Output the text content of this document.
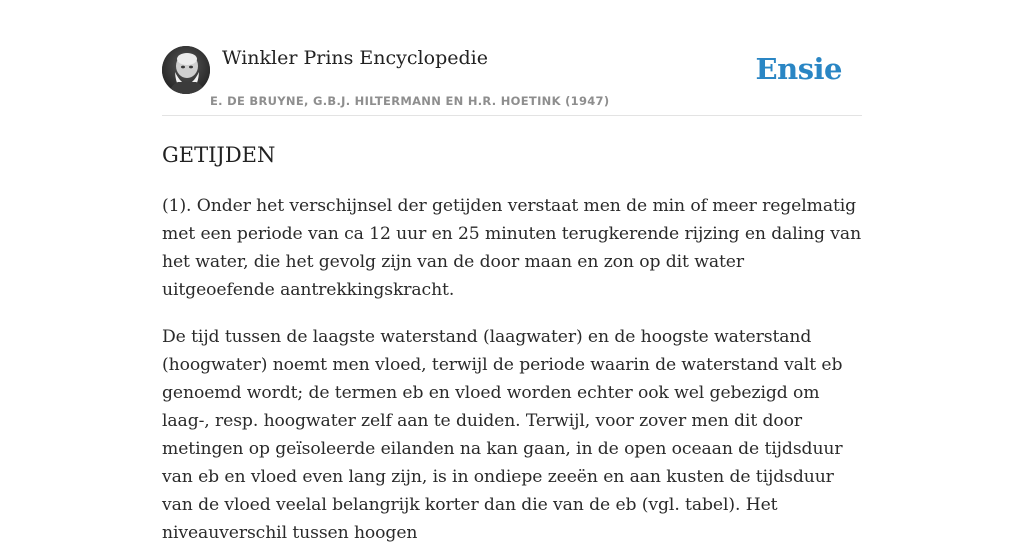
Winkler Prins Encyclopedie
E. DE BRUYNE, G.B.J. HILTERMANN EN H.R. HOETINK (1947)
Ensie
GETIJDEN

(1). Onder het verschijnsel der getijden verstaat men de min of meer regelmatig met een periode van ca 12 uur en 25 minuten terugkerende rijzing en daling van het water, die het gevolg zijn van de door maan en zon op dit water uitgeoefende aantrekkingskracht.

De tijd tussen de laagste waterstand (laagwater) en de hoogste waterstand (hoogwater) noemt men vloed, terwijl de periode waarin de waterstand valt eb genoemd wordt; de termen eb en vloed worden echter ook wel gebezigd om laag-, resp. hoogwater zelf aan te duiden. Terwijl, voor zover men dit door metingen op geïsoleerde eilanden na kan gaan, in de open oceaan de tijdsduur van eb en vloed even lang zijn, is in ondiepe zeeën en aan kusten de tijdsduur van de vloed veelal belangrijk korter dan die van de eb (vgl. tabel). Het niveauverschil tussen hoogen
